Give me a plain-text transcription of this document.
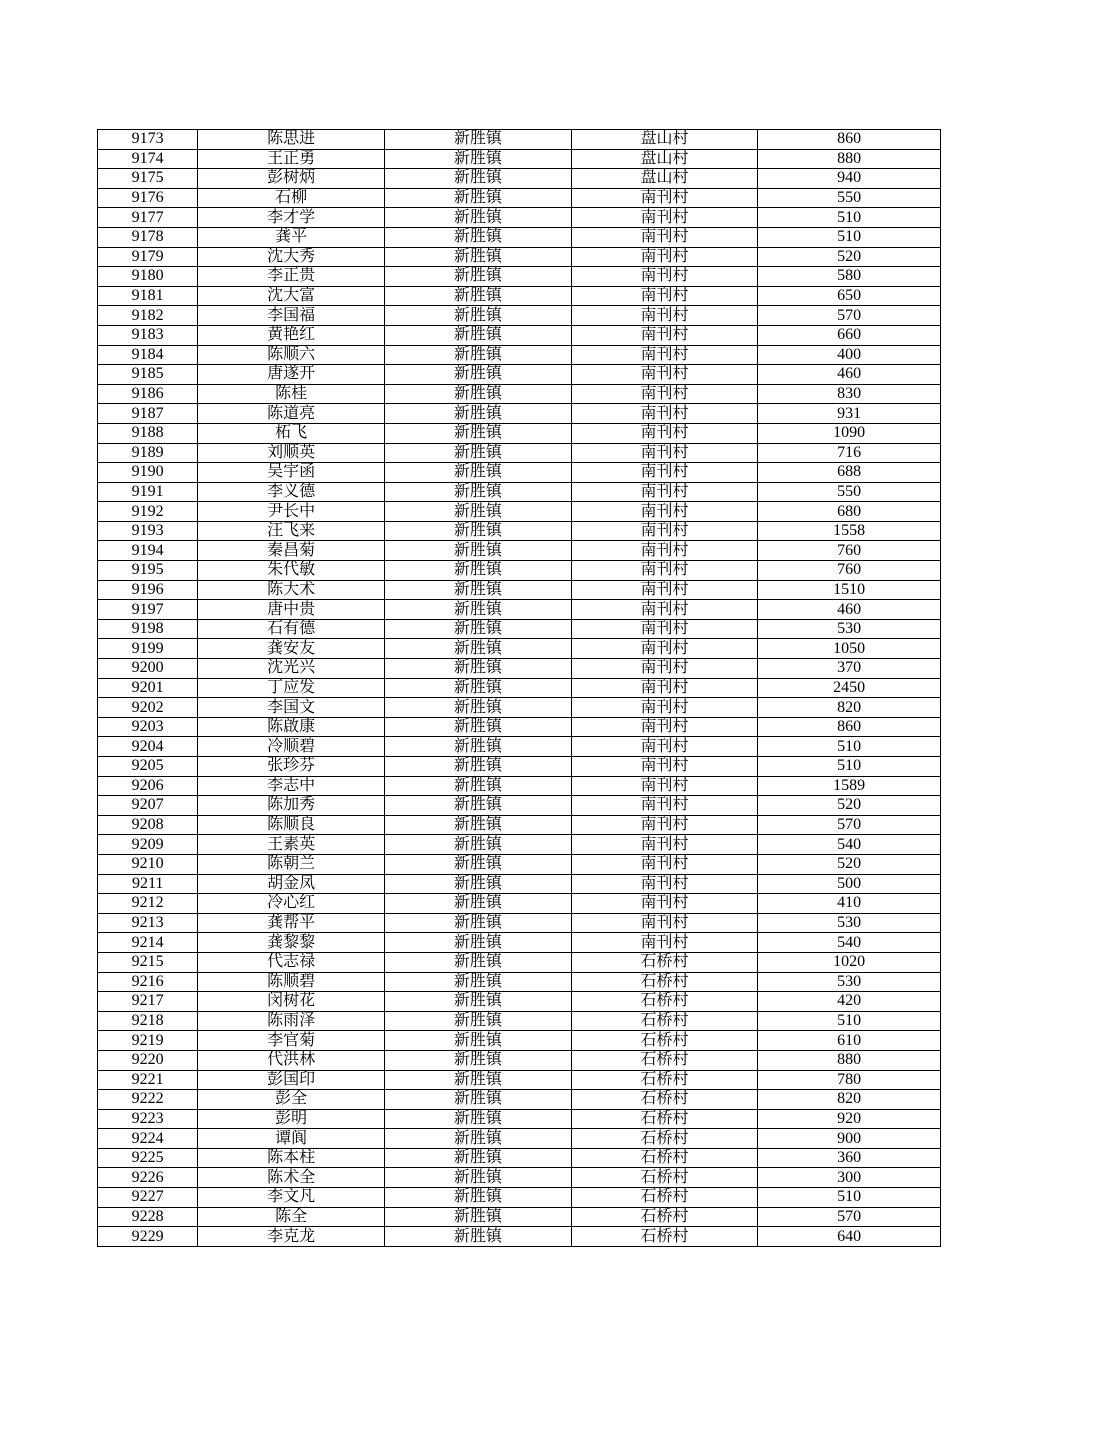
9173	陈思进	新胜镇	盘山村	860
9174	王正勇	新胜镇	盘山村	880
9175	彭树炳	新胜镇	盘山村	940
9176	石柳	新胜镇	南刊村	550
9177	李才学	新胜镇	南刊村	510
9178	龚平	新胜镇	南刊村	510
9179	沈大秀	新胜镇	南刊村	520
9180	李正贵	新胜镇	南刊村	580
9181	沈大富	新胜镇	南刊村	650
9182	李国福	新胜镇	南刊村	570
9183	黄艳红	新胜镇	南刊村	660
9184	陈顺六	新胜镇	南刊村	400
9185	唐遂开	新胜镇	南刊村	460
9186	陈桂	新胜镇	南刊村	830
9187	陈道亮	新胜镇	南刊村	931
9188	柘飞	新胜镇	南刊村	1090
9189	刘顺英	新胜镇	南刊村	716
9190	吴宇函	新胜镇	南刊村	688
9191	李义德	新胜镇	南刊村	550
9192	尹长中	新胜镇	南刊村	680
9193	汪飞来	新胜镇	南刊村	1558
9194	秦昌菊	新胜镇	南刊村	760
9195	朱代敏	新胜镇	南刊村	760
9196	陈大术	新胜镇	南刊村	1510
9197	唐中贵	新胜镇	南刊村	460
9198	石有德	新胜镇	南刊村	530
9199	龚安友	新胜镇	南刊村	1050
9200	沈光兴	新胜镇	南刊村	370
9201	丁应发	新胜镇	南刊村	2450
9202	李国文	新胜镇	南刊村	820
9203	陈啟康	新胜镇	南刊村	860
9204	冷顺碧	新胜镇	南刊村	510
9205	张珍芬	新胜镇	南刊村	510
9206	李志中	新胜镇	南刊村	1589
9207	陈加秀	新胜镇	南刊村	520
9208	陈顺良	新胜镇	南刊村	570
9209	王素英	新胜镇	南刊村	540
9210	陈朝兰	新胜镇	南刊村	520
9211	胡金凤	新胜镇	南刊村	500
9212	冷心红	新胜镇	南刊村	410
9213	龚帮平	新胜镇	南刊村	530
9214	龚黎黎	新胜镇	南刊村	540
9215	代志禄	新胜镇	石桥村	1020
9216	陈顺碧	新胜镇	石桥村	530
9217	闵树花	新胜镇	石桥村	420
9218	陈雨泽	新胜镇	石桥村	510
9219	李官菊	新胜镇	石桥村	610
9220	代洪林	新胜镇	石桥村	880
9221	彭国印	新胜镇	石桥村	780
9222	彭全	新胜镇	石桥村	820
9223	彭明	新胜镇	石桥村	920
9224	谭阆	新胜镇	石桥村	900
9225	陈本柱	新胜镇	石桥村	360
9226	陈术全	新胜镇	石桥村	300
9227	李文凡	新胜镇	石桥村	510
9228	陈全	新胜镇	石桥村	570
9229	李克龙	新胜镇	石桥村	640
